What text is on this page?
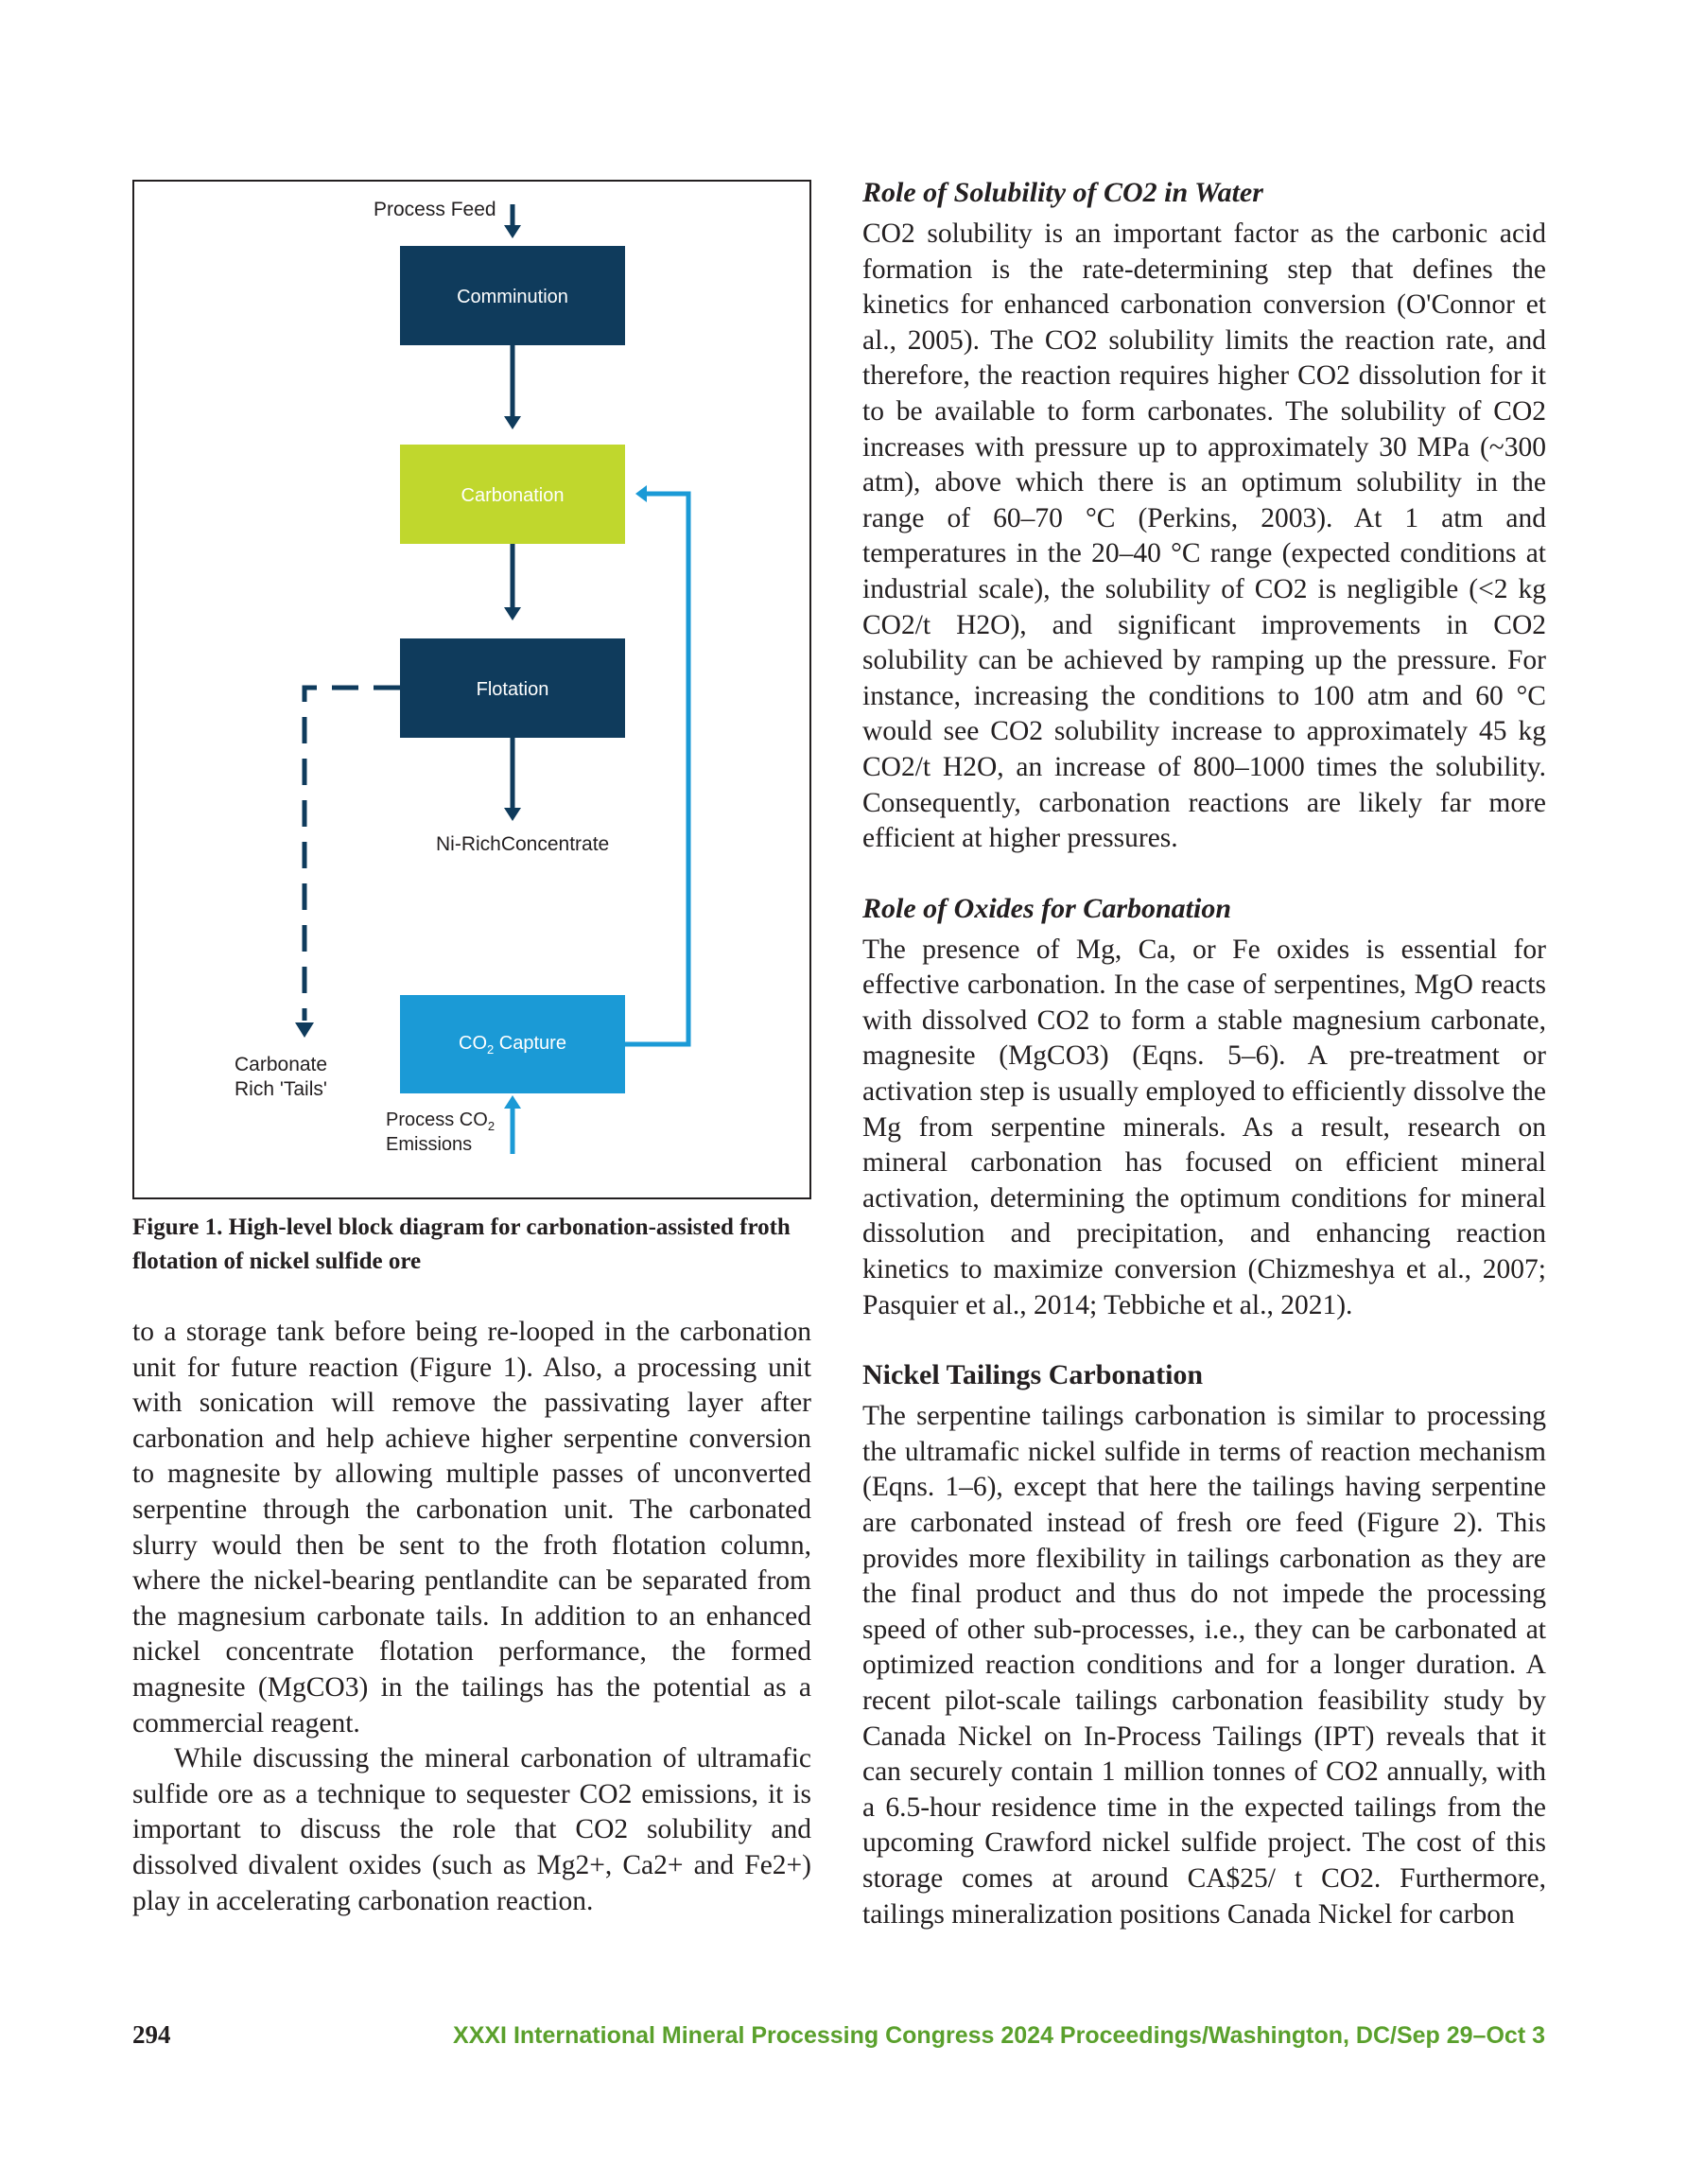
Process Feed
Comminution
Carbonation
Flotation
Ni-RichConcentrate
$CO_2$ Capture
Carbonate
Rich 'Tails'
Process $CO_2$
Emissions
Figure 1. High-level block diagram for carbonation-assisted froth flotation of nickel sulfide ore

to a storage tank before being re-looped in the carbonation unit for future reaction (Figure 1). Also, a processing unit with sonication will remove the passivating layer after carbonation and help achieve higher serpentine conversion to magnesite by allowing multiple passes of unconverted serpentine through the carbonation unit. The carbonated slurry would then be sent to the froth flotation column, where the nickel-bearing pentlandite can be separated from the magnesium carbonate tails. In addition to an enhanced nickel concentrate flotation performance, the formed magnesite (MgCO3) in the tailings has the potential as a commercial reagent.

While discussing the mineral carbonation of ultramafic sulfide ore as a technique to sequester CO2 emissions, it is important to discuss the role that CO2 solubility and dissolved divalent oxides (such as Mg2+, Ca2+ and Fe2+) play in accelerating carbonation reaction.

Role of Solubility of CO2 in Water

CO2 solubility is an important factor as the carbonic acid formation is the rate-determining step that defines the kinetics for enhanced carbonation conversion (O'Connor et al., 2005). The CO2 solubility limits the reaction rate, and therefore, the reaction requires higher CO2 dissolution for it to be available to form carbonates. The solubility of CO2 increases with pressure up to approximately 30 MPa (~300 atm), above which there is an optimum solubility in the range of 60–70 °C (Perkins, 2003). At 1 atm and temperatures in the 20–40 °C range (expected conditions at industrial scale), the solubility of CO2 is negligible (<2 kg CO2/t H2O), and significant improvements in CO2 solubility can be achieved by ramping up the pressure. For instance, increasing the conditions to 100 atm and 60 °C would see CO2 solubility increase to approximately 45 kg CO2/t H2O, an increase of 800–1000 times the solubility. Consequently, carbonation reactions are likely far more efficient at higher pressures.

Role of Oxides for Carbonation

The presence of Mg, Ca, or Fe oxides is essential for effective carbonation. In the case of serpentines, MgO reacts with dissolved CO2 to form a stable magnesium carbonate, magnesite (MgCO3) (Eqns. 5–6). A pre-treatment or activation step is usually employed to efficiently dissolve the Mg from serpentine minerals. As a result, research on mineral carbonation has focused on efficient mineral activation, determining the optimum conditions for mineral dissolution and precipitation, and enhancing reaction kinetics to maximize conversion (Chizmeshya et al., 2007; Pasquier et al., 2014; Tebbiche et al., 2021).

Nickel Tailings Carbonation

The serpentine tailings carbonation is similar to processing the ultramafic nickel sulfide in terms of reaction mechanism (Eqns. 1–6), except that here the tailings having serpentine are carbonated instead of fresh ore feed (Figure 2). This provides more flexibility in tailings carbonation as they are the final product and thus do not impede the processing speed of other sub-processes, i.e., they can be carbonated at optimized reaction conditions and for a longer duration. A recent pilot-scale tailings carbonation feasibility study by Canada Nickel on In-Process Tailings (IPT) reveals that it can securely contain 1 million tonnes of CO2 annually, with a 6.5-hour residence time in the expected tailings from the upcoming Crawford nickel sulfide project. The cost of this storage comes at around CA$25/ t CO2. Furthermore, tailings mineralization positions Canada Nickel for carbon

294	XXXI International Mineral Processing Congress 2024 Proceedings/Washington, DC/Sep 29–Oct 3
